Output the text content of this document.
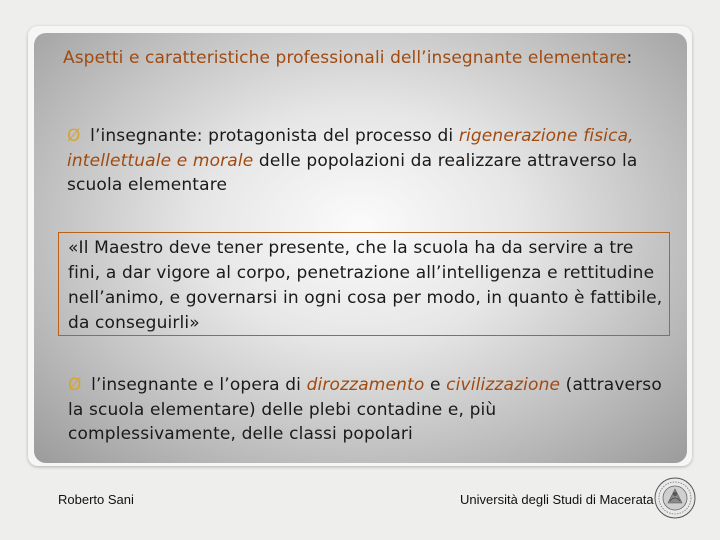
Aspetti e caratteristiche professionali dell’insegnante elementare:
Ø l’insegnante: protagonista del processo di rigenerazione fisica, intellettuale e morale delle popolazioni da realizzare attraverso la scuola elementare
«Il Maestro deve tener presente, che la scuola ha da servire a tre fini, a dar vigore al corpo, penetrazione all’intelligenza e rettitudine nell’animo, e governarsi in ogni cosa per modo, in quanto è fattibile, da conseguirli»
Ø l’insegnante e l’opera di dirozzamento e civilizzazione (attraverso la scuola elementare) delle plebi contadine e, più complessivamente, delle classi popolari
Roberto Sani	Università degli Studi di Macerata
